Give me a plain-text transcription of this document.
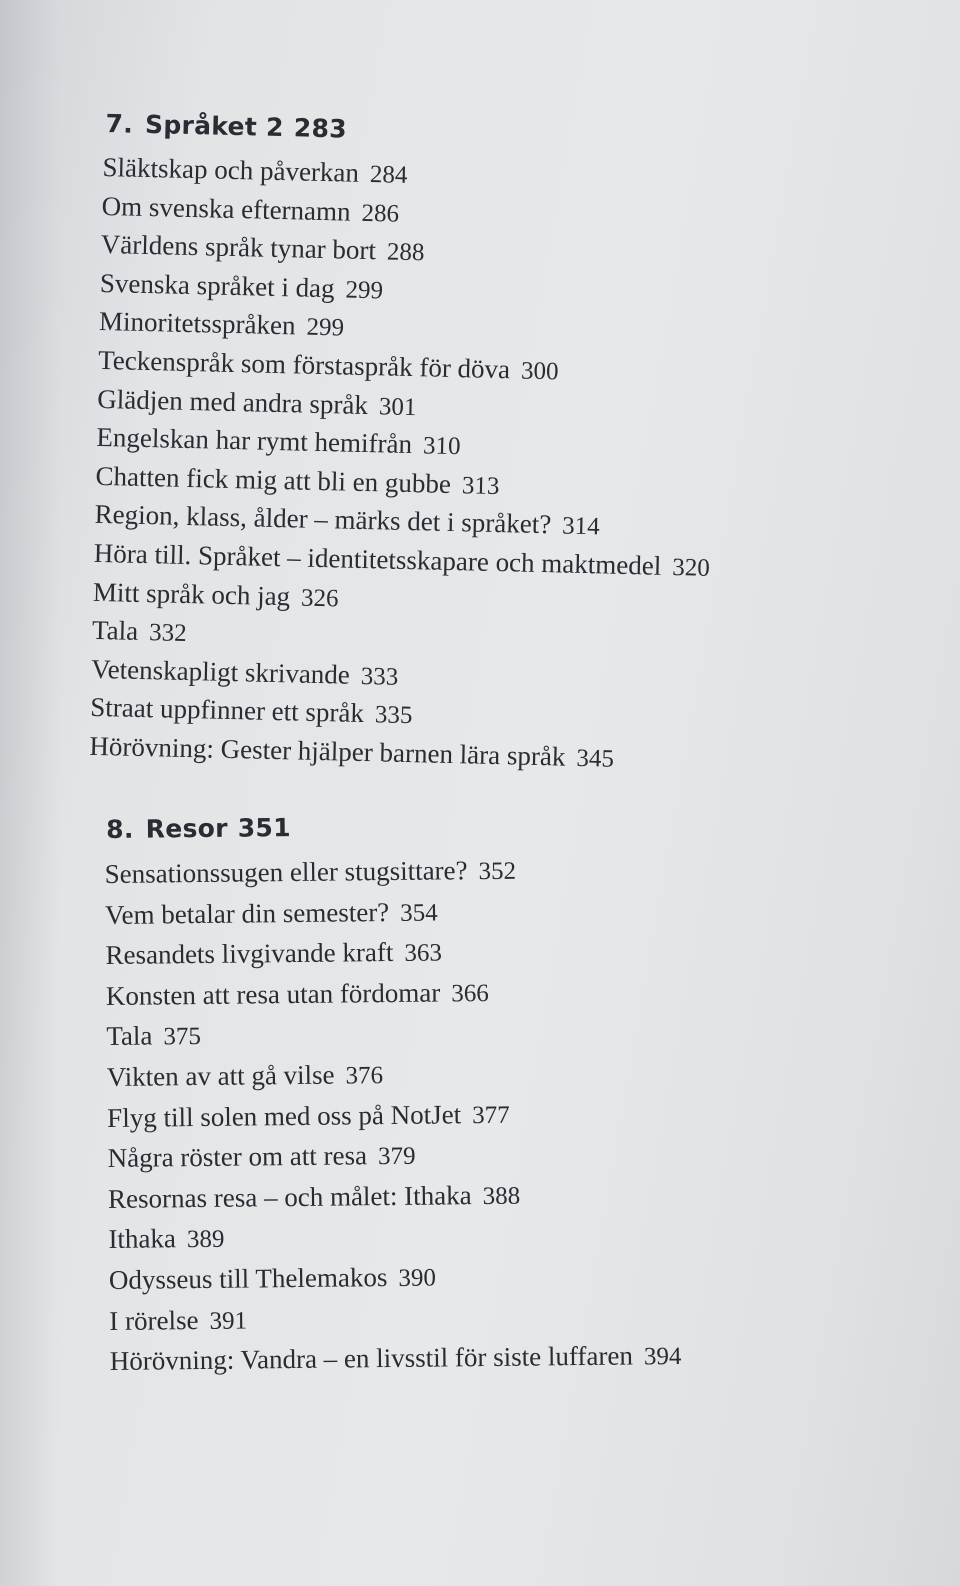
7. Språket 2 283
Släktskap och påverkan 284
Om svenska efternamn 286
Världens språk tynar bort 288
Svenska språket i dag 299
Minoritetsspråken 299
Teckenspråk som förstaspråk för döva 300
Glädjen med andra språk 301
Engelskan har rymt hemifrån 310
Chatten fick mig att bli en gubbe 313
Region, klass, ålder – märks det i språket? 314
Höra till. Språket – identitetsskapare och maktmedel 320
Mitt språk och jag 326
Tala 332
Vetenskapligt skrivande 333
Straat uppfinner ett språk 335
Hörövning: Gester hjälper barnen lära språk 345
8. Resor 351
Sensationssugen eller stugsittare? 352
Vem betalar din semester? 354
Resandets livgivande kraft 363
Konsten att resa utan fördomar 366
Tala 375
Vikten av att gå vilse 376
Flyg till solen med oss på NotJet 377
Några röster om att resa 379
Resornas resa – och målet: Ithaka 388
Ithaka 389
Odysseus till Thelemakos 390
I rörelse 391
Hörövning: Vandra – en livsstil för siste luffaren 394
